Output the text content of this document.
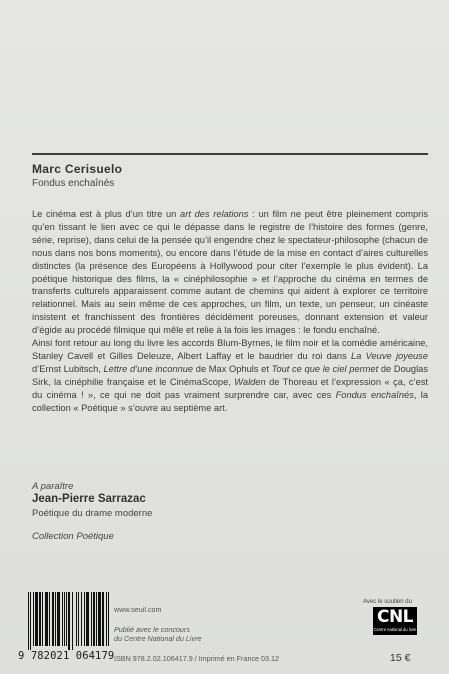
Marc Cerisuelo
Fondus enchaînés

Le cinéma est à plus d’un titre un art des relations : un film ne peut être pleinement compris qu’en tissant le lien avec ce qui le dépasse dans le registre de l’histoire des formes (genre, série, reprise), dans celui de la pensée qu’il engendre chez le spectateur-philosophe (chacun de nous dans nos bons moments), ou encore dans l’étude de la mise en contact d’aires culturelles distinctes (la présence des Européens à Hollywood pour citer l’exemple le plus évident). La poétique historique des films, la « cinéphilosophie » et l’approche du cinéma en termes de transferts culturels apparaissent comme autant de chemins qui aident à explorer ce territoire relationnel. Mais au sein même de ces approches, un film, un texte, un penseur, un cinéaste insistent et franchissent des frontières décidément poreuses, donnant extension et valeur d’égide au procédé filmique qui mêle et relie à la fois les images : le fondu enchaîné.

Ainsi font retour au long du livre les accords Blum-Byrnes, le film noir et la comédie américaine, Stanley Cavell et Gilles Deleuze, Albert Laffay et le baudrier du roi dans La Veuve joyeuse d’Ernst Lubitsch, Lettre d’une inconnue de Max Ophuls et Tout ce que le ciel permet de Douglas Sirk, la cinéphilie française et le CinémaScope, Walden de Thoreau et l’expression « ça, c’est du cinéma ! », ce qui ne doit pas vraiment surprendre car, avec ces Fondus enchaînés, la collection « Poétique » s’ouvre au septième art.

A paraître
Jean-Pierre Sarrazac
Poétique du drame moderne
Collection Poétique
9 782021 064179
www.seuil.com
Publié avec le concours
du Centre National du Livre
ISBN 978.2.02.106417.9 / Imprimé en France 03.12	15 €
Avec le soutien du
CNL
Centre national du livre
